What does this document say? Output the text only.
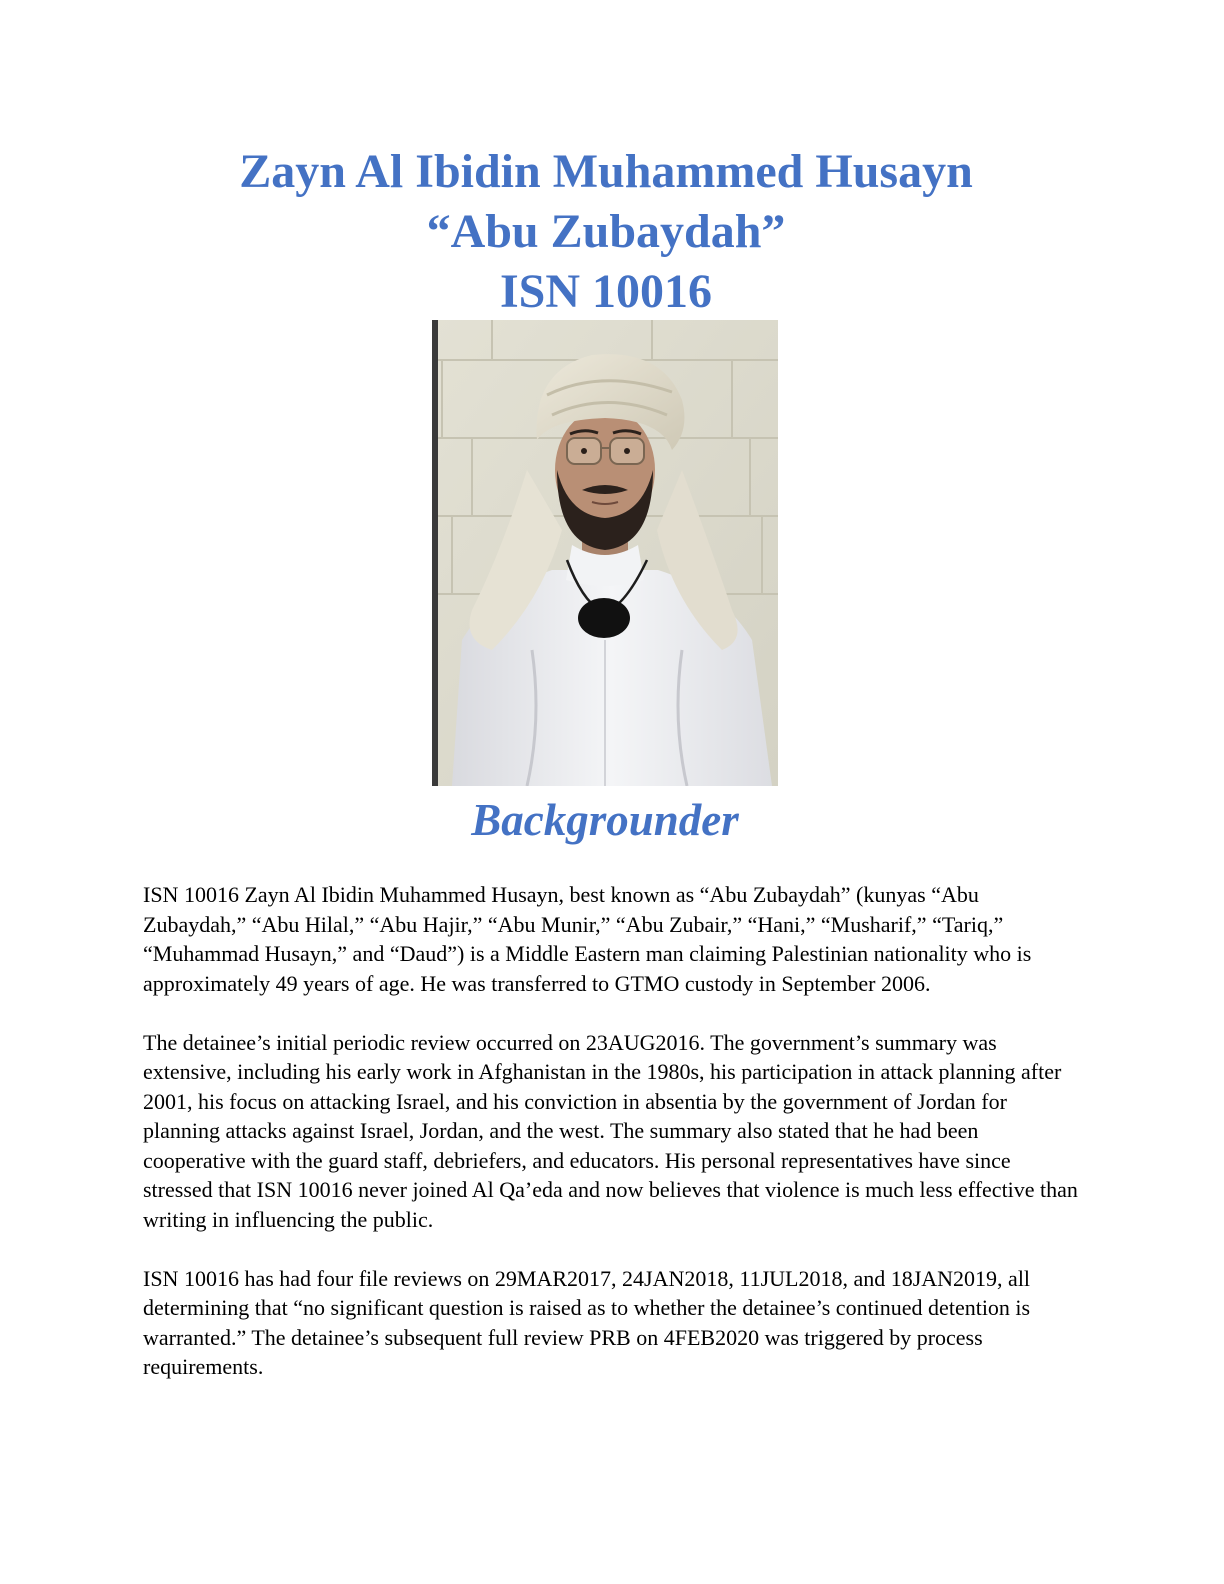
Zayn Al Ibidin Muhammed Husayn
“Abu Zubaydah”
ISN 10016
Backgrounder

ISN 10016 Zayn Al Ibidin Muhammed Husayn, best known as “Abu Zubaydah” (kunyas “Abu Zubaydah,” “Abu Hilal,” “Abu Hajir,” “Abu Munir,” “Abu Zubair,” “Hani,” “Musharif,” “Tariq,” “Muhammad Husayn,” and “Daud”) is a Middle Eastern man claiming Palestinian nationality who is approximately 49 years of age. He was transferred to GTMO custody in September 2006.

The detainee’s initial periodic review occurred on 23AUG2016. The government’s summary was extensive, including his early work in Afghanistan in the 1980s, his participation in attack planning after 2001, his focus on attacking Israel, and his conviction in absentia by the government of Jordan for planning attacks against Israel, Jordan, and the west. The summary also stated that he had been cooperative with the guard staff, debriefers, and educators. His personal representatives have since stressed that ISN 10016 never joined Al Qa’eda and now believes that violence is much less effective than writing in influencing the public.

ISN 10016 has had four file reviews on 29MAR2017, 24JAN2018, 11JUL2018, and 18JAN2019, all determining that “no significant question is raised as to whether the detainee’s continued detention is warranted.” The detainee’s subsequent full review PRB on 4FEB2020 was triggered by process requirements.
